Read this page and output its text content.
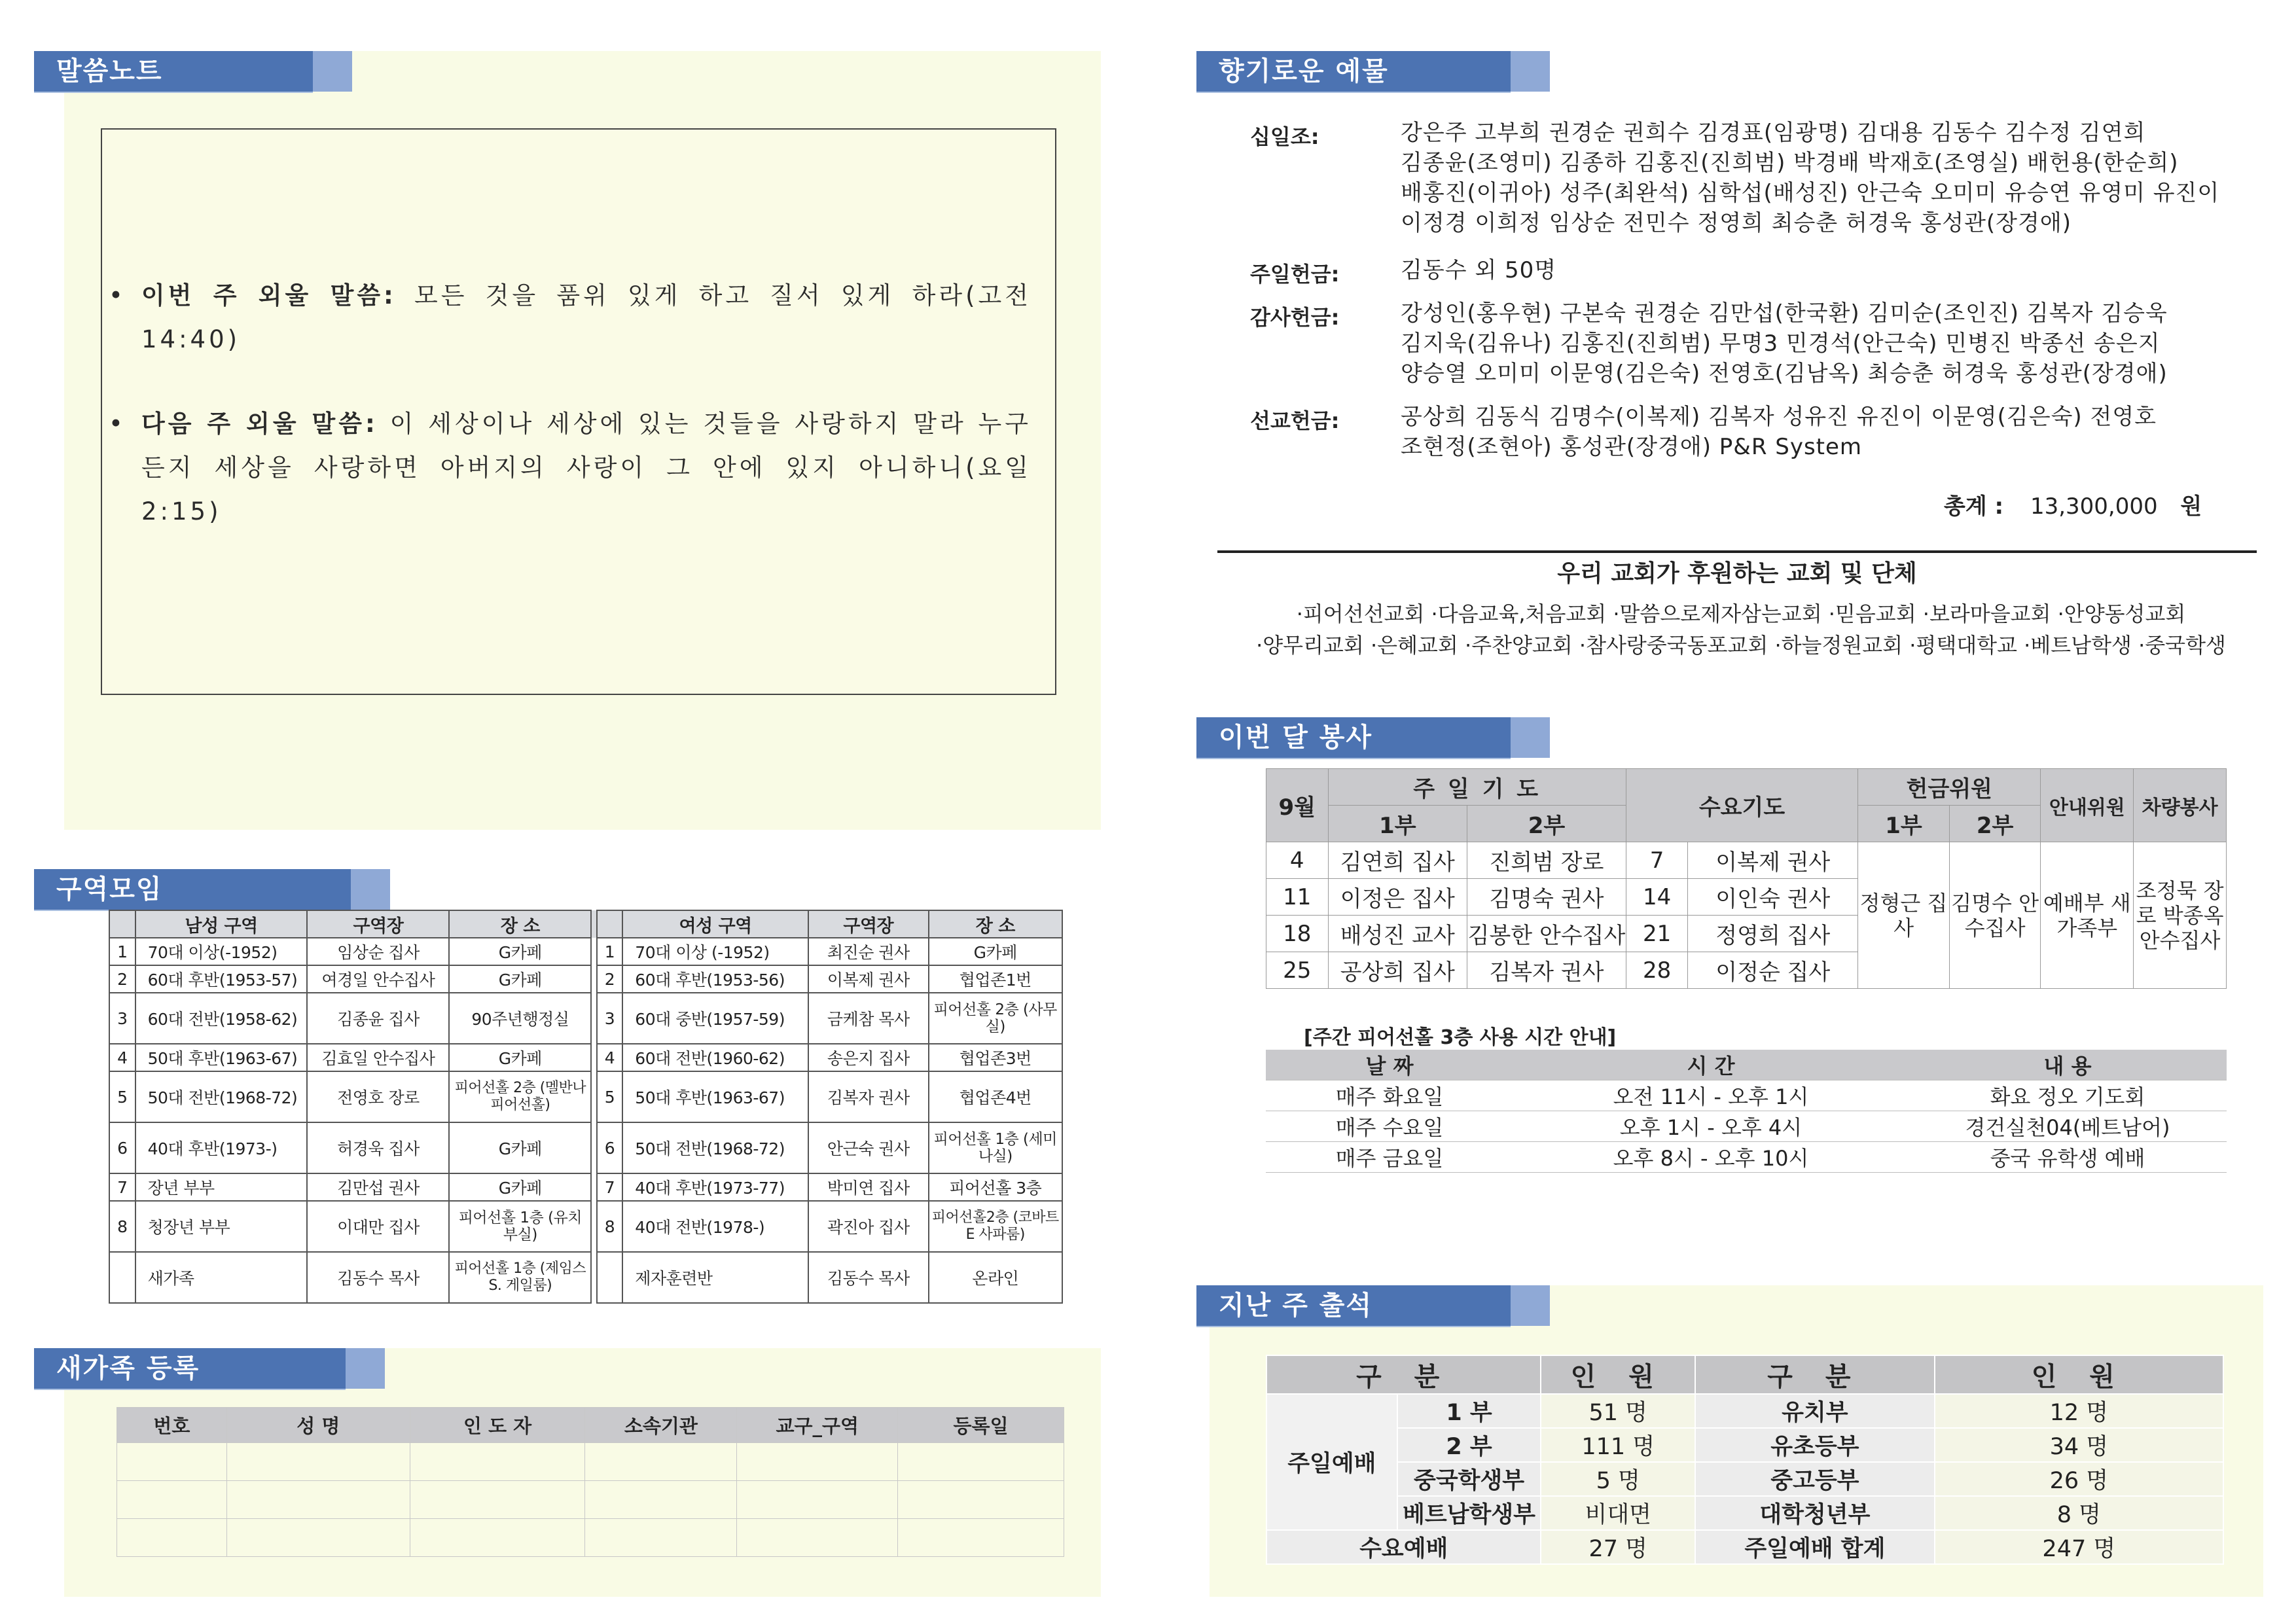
말씀노트
• 이번 주 외울 말씀: 모든 것을 품위 있게 하고 질서 있게 하라(고전 14:40)
• 다음 주 외울 말씀: 이 세상이나 세상에 있는 것들을 사랑하지 말라 누구든지 세상을 사랑하면 아버지의 사랑이 그 안에 있지 아니하니(요일 2:15)
구역모임
	남성 구역	구역장	장 소			여성 구역	구역장	장 소
1	70대 이상(-1952)	임상순 집사	G카페		1	70대 이상 (-1952)	최진순 권사	G카페
2	60대 후반(1953-57)	여경일 안수집사	G카페		2	60대 후반(1953-56)	이복제 권사	협업존1번
3	60대 전반(1958-62)	김종윤 집사	90주년행정실		3	60대 중반(1957-59)	금케참 목사	피어선홀 2층 (사무실)
4	50대 후반(1963-67)	김효일 안수집사	G카페		4	60대 전반(1960-62)	송은지 집사	협업존3번
5	50대 전반(1968-72)	전영호 장로	피어선홀 2층 (멜반나 피어선홀)		5	50대 후반(1963-67)	김복자 권사	협업존4번
6	40대 후반(1973-)	허경욱 집사	G카페		6	50대 전반(1968-72)	안근숙 권사	피어선홀 1층 (세미나실)
7	장년 부부	김만섭 권사	G카페		7	40대 후반(1973-77)	박미연 집사	피어선홀 3층
8	청장년 부부	이대만 집사	피어선홀 1층 (유치부실)		8	40대 전반(1978-)	곽진아 집사	피어선홀2층 (코바트E 사파룸)
	새가족	김동수 목사	피어선홀 1층 (제임스 S. 게일룸)			제자훈련반	김동수 목사	온라인
새가족 등록
번호	성 명	인 도 자	소속기관	교구_구역	등록일

향기로운 예물
십일조:	강은주 고부희 권경순 권희수 김경표(임광명) 김대용 김동수 김수정 김연희
김종윤(조영미) 김종하 김홍진(진희범) 박경배 박재호(조영실) 배헌용(한순희)
배홍진(이귀아) 성주(최완석) 심학섭(배성진) 안근숙 오미미 유승연 유영미 유진이
이정경 이희정 임상순 전민수 정영희 최승춘 허경욱 홍성관(장경애)
주일헌금:	김동수 외 50명
감사헌금:	강성인(홍우현) 구본숙 권경순 김만섭(한국환) 김미순(조인진) 김복자 김승욱
김지욱(김유나) 김홍진(진희범) 무명3 민경석(안근숙) 민병진 박종선 송은지
양승열 오미미 이문영(김은숙) 전영호(김남옥) 최승춘 허경욱 홍성관(장경애)
선교헌금:	공상희 김동식 김명수(이복제) 김복자 성유진 유진이 이문영(김은숙) 전영호
조현정(조현아) 홍성관(장경애) P&R System
총계 : 13,300,000 원
우리 교회가 후원하는 교회 및 단체
·피어선선교회 ·다음교육,처음교회 ·말씀으로제자삼는교회 ·믿음교회 ·보라마을교회 ·안양동성교회
·양무리교회 ·은혜교회 ·주찬양교회 ·참사랑중국동포교회 ·하늘정원교회 ·평택대학교 ·베트남학생 ·중국학생
이번 달 봉사
9월	주 일 기 도		수요기도		헌금위원		안내위원	차량봉사
	1부	2부			1부	2부		
4	김연희 집사	진희범 장로	7	이복제 권사	정형근 집사	김명수 안수집사	예배부 새가족부	조정묵 장로 박종옥 안수집사
11	이정은 집사	김명숙 권사	14	이인숙 권사				
18	배성진 교사	김봉한 안수집사	21	정영희 집사				
25	공상희 집사	김복자 권사	28	이정순 집사				
[주간 피어선홀 3층 사용 시간 안내]
날 짜	시 간	내 용
매주 화요일	오전 11시 - 오후 1시	화요 정오 기도회
매주 수요일	오후 1시 - 오후 4시	경건실천04(베트남어)
매주 금요일	오후 8시 - 오후 10시	중국 유학생 예배
지난 주 출석
구 분		인 원	구 분	인 원
주일예배	1 부	51 명	유치부	12 명
	2 부	111 명	유초등부	34 명
	중국학생부	5 명	중고등부	26 명
	베트남학생부	비대면	대학청년부	8 명
수요예배		27 명	주일예배 합계	247 명
